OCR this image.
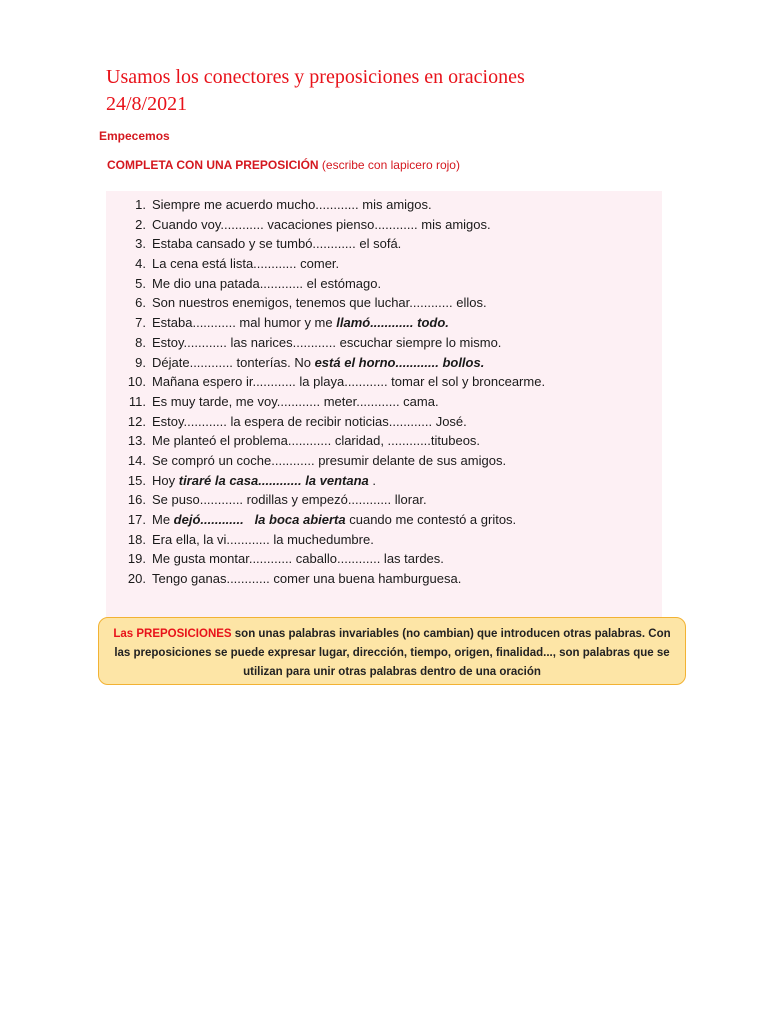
Usamos los conectores y preposiciones en oraciones
24/8/2021
Empecemos
COMPLETA CON UNA PREPOSICIÓN (escribe con lapicero rojo)
1. Siempre me acuerdo mucho............ mis amigos.
2. Cuando voy............ vacaciones pienso............ mis amigos.
3. Estaba cansado y se tumbó............ el sofá.
4. La cena está lista............ comer.
5. Me dio una patada............ el estómago.
6. Son nuestros enemigos, tenemos que luchar............ ellos.
7. Estaba............ mal humor y me llamó............ todo.
8. Estoy............ las narices............ escuchar siempre lo mismo.
9. Déjate............ tonterías. No está el horno............ bollos.
10. Mañana espero ir............ la playa............ tomar el sol y broncearme.
11. Es muy tarde, me voy............ meter............ cama.
12. Estoy............ la espera de recibir noticias............ José.
13. Me planteó el problema............ claridad, ............titubeos.
14. Se compró un coche............ presumir delante de sus amigos.
15. Hoy tiraré la casa............ la ventana .
16. Se puso............ rodillas y empezó............ llorar.
17. Me dejó............   la boca abierta cuando me contestó a gritos.
18. Era ella, la vi............ la muchedumbre.
19. Me gusta montar............ caballo............ las tardes.
20. Tengo ganas............ comer una buena hamburguesa.
Las PREPOSICIONES son unas palabras invariables (no cambian) que introducen otras palabras. Con las preposiciones se puede expresar lugar, dirección, tiempo, origen, finalidad..., son palabras que se utilizan para unir otras palabras dentro de una oración
